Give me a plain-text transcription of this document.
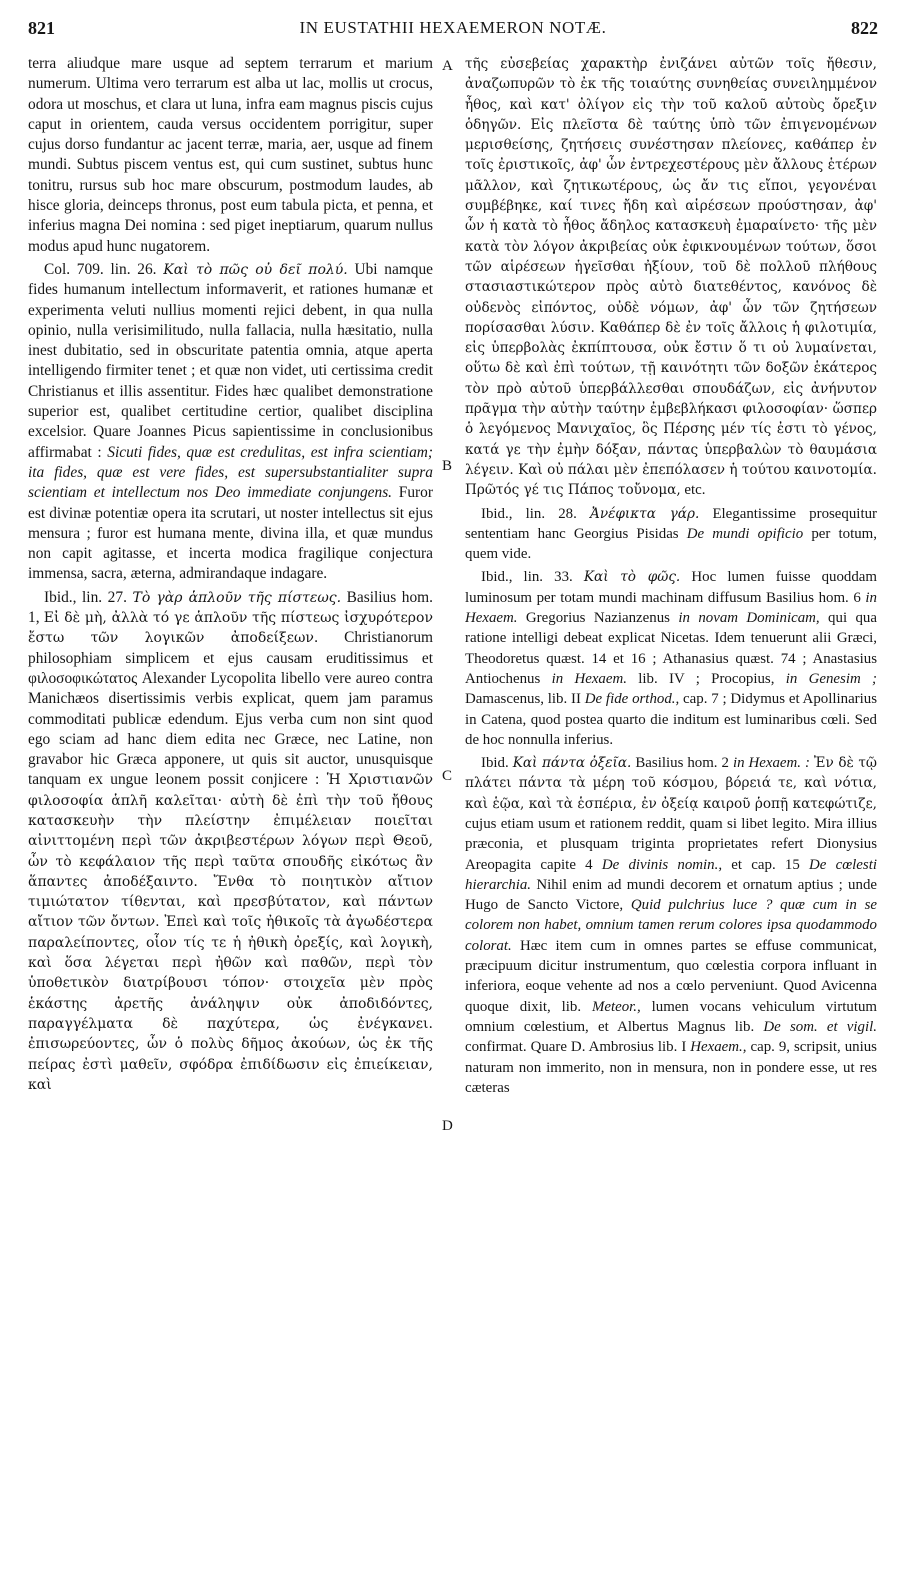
821	IN EUSTATHII HEXAEMERON NOTÆ.	822
A
B
C
D

terra aliudque mare usque ad septem terrarum et marium numerum. Ultima vero terrarum est alba ut lac, mollis ut crocus, odora ut moschus, et clara ut luna, infra eam magnus piscis cujus caput in orientem, cauda versus occidentem porrigitur, super cujus dorso fundantur ac jacent terræ, maria, aer, usque ad finem mundi. Subtus piscem ventus est, qui cum sustinet, subtus hunc tonitru, rursus sub hoc mare obscurum, postmodum laudes, ab hisce gloria, deinceps thronus, post eum tabula picta, et penna, et inferius magna Dei nomina : sed piget ineptiarum, quarum nullus modus apud hunc nugatorem.

Col. 709. lin. 26. Καὶ τὸ πῶς οὐ δεῖ πολύ. Ubi namque fides humanum intellectum informaverit, et rationes humanæ et experimenta veluti nullius momenti rejici debent, in qua nulla opinio, nulla verisimilitudo, nulla fallacia, nulla hæsitatio, nulla inest dubitatio, sed in obscuritate patentia omnia, atque aperta intelligendo firmiter tenet ; et quæ non videt, uti certissima credit Christianus et illis assentitur. Fides hæc qualibet demonstratione superior est, qualibet certitudine certior, qualibet disciplina excelsior. Quare Joannes Picus sapientissime in conclusionibus affirmabat : Sicuti fides, quæ est credulitas, est infra scientiam; ita fides, quæ est vere fides, est supersubstantialiter supra scientiam et intellectum nos Deo immediate conjungens. Furor est divinæ potentiæ opera ita scrutari, ut noster intellectus sit ejus mensura ; furor est humana mente, divina illa, et quæ mundus non capit agitasse, et incerta modica fragilique conjectura immensa, sacra, æterna, admirandaque indagare.

Ibid., lin. 27. Τὸ γὰρ ἁπλοῦν τῆς πίστεως. Basilius hom. 1, Εἰ δὲ μὴ, ἀλλὰ τό γε ἁπλοῦν τῆς πίστεως ἰσχυρότερον ἔστω τῶν λογικῶν ἀποδείξεων. Christianorum philosophiam simplicem et ejus causam eruditissimus et φιλοσοφικώτατος Alexander Lycopolita libello vere aureo contra Manichæos disertissimis verbis explicat, quem jam paramus commoditati publicæ edendum. Ejus verba cum non sint quod ego sciam ad hanc diem edita nec Græce, nec Latine, non gravabor hic Græca apponere, ut quis sit auctor, unusquisque tanquam ex ungue leonem possit conjicere : Ἡ Χριστιανῶν φιλοσοφία ἁπλῆ καλεῖται· αὐτὴ δὲ ἐπὶ τὴν τοῦ ἤθους κατασκευὴν τὴν πλείστην ἐπιμέλειαν ποιεῖται αἰνιττομένη περὶ τῶν ἀκριβεστέρων λόγων περὶ Θεοῦ, ὧν τὸ κεφάλαιον τῆς περὶ ταῦτα σπουδῆς εἰκότως ἂν ἅπαντες ἀποδέξαιντο. Ἔνθα τὸ ποιητικὸν αἴτιον τιμιώτατον τίθενται, καὶ πρεσβύτατον, καὶ πάντων αἴτιον τῶν ὄντων. Ἐπεὶ καὶ τοῖς ἠθικοῖς τὰ ἀγωδέστερα παραλείποντες, οἷον τίς τε ἡ ἠθικὴ ὀρεξίς, καὶ λογικὴ, καὶ ὅσα λέγεται περὶ ἠθῶν καὶ παθῶν, περὶ τὸν ὑποθετικὸν διατρίβουσι τόπον· στοιχεῖα μὲν πρὸς ἑκάστης ἀρετῆς ἀνάληψιν οὐκ ἀποδιδόντες, παραγγέλματα δὲ παχύτερα, ὡς ἐνέγκανει. ἐπισωρεύοντες, ὧν ὁ πολὺς δῆμος ἀκούων, ὡς ἐκ τῆς πείρας ἐστὶ μαθεῖν, σφόδρα ἐπιδίδωσιν εἰς ἐπιείκειαν, καὶ

τῆς εὐσεβείας χαρακτὴρ ἐνιζάνει αὐτῶν τοῖς ἤθεσιν, ἀναζωπυρῶν τὸ ἐκ τῆς τοιαύτης συνηθείας συνειλημμένον ἦθος, καὶ κατ' ὀλίγον εἰς τὴν τοῦ καλοῦ αὐτοὺς ὄρεξιν ὁδηγῶν. Εἰς πλεῖστα δὲ ταύτης ὑπὸ τῶν ἐπιγενομένων μερισθείσης, ζητήσεις συνέστησαν πλείονες, καθάπερ ἐν τοῖς ἐριστικοῖς, ἀφ' ὧν ἐντρεχεστέρους μὲν ἄλλους ἑτέρων μᾶλλον, καὶ ζητικωτέρους, ὡς ἄν τις εἴποι, γεγονέναι συμβέβηκε, καί τινες ἤδη καὶ αἱρέσεων προύστησαν, ἀφ' ὧν ἡ κατὰ τὸ ἦθος ἄδηλος κατασκευὴ ἐμαραίνετο· τῆς μὲν κατὰ τὸν λόγον ἀκριβείας οὐκ ἐφικνουμένων τούτων, ὅσοι τῶν αἱρέσεων ἡγεῖσθαι ἠξίουν, τοῦ δὲ πολλοῦ πλήθους στασιαστικώτερον πρὸς αὐτὸ διατεθέντος, κανόνος δὲ οὐδενὸς εἰπόντος, οὐδὲ νόμων, ἀφ' ὧν τῶν ζητήσεων πορίσασθαι λύσιν. Καθάπερ δὲ ἐν τοῖς ἄλλοις ἡ φιλοτιμία, εἰς ὑπερβολὰς ἐκπίπτουσα, οὐκ ἔστιν ὅ τι οὐ λυμαίνεται, οὕτω δὲ καὶ ἐπὶ τούτων, τῇ καινότητι τῶν δοξῶν ἑκάτερος τὸν πρὸ αὐτοῦ ὑπερβάλλεσθαι σπουδάζων, εἰς ἀνήνυτον πρᾶγμα τὴν αὐτὴν ταύτην ἐμβεβλήκασι φιλοσοφίαν· ὥσπερ ὁ λεγόμενος Μανιχαῖος, ὃς Πέρσης μέν τίς ἐστι τὸ γένος, κατά γε τὴν ἐμὴν δόξαν, πάντας ὑπερβαλὼν τὸ θαυμάσια λέγειν. Καὶ οὐ πάλαι μὲν ἐπεπόλασεν ἡ τούτου καινοτομία. Πρῶτός γέ τις Πάπος τοὔνομα, etc.

Ibid., lin. 28. Ἀνέφικτα γάρ. Elegantissime prosequitur sententiam hanc Georgius Pisidas De mundi opificio per totum, quem vide.

Ibid., lin. 33. Καὶ τὸ φῶς. Hoc lumen fuisse quoddam luminosum per totam mundi machinam diffusum Basilius hom. 6 in Hexaem. Gregorius Nazianzenus in novam Dominicam, qui qua ratione intelligi debeat explicat Nicetas. Idem tenuerunt alii Græci, Theodoretus quæst. 14 et 16 ; Athanasius quæst. 74 ; Anastasius Antiochenus in Hexaem. lib. IV ; Procopius, in Genesim ; Damascenus, lib. II De fide orthod., cap. 7 ; Didymus et Apollinarius in Catena, quod postea quarto die inditum est luminaribus cœli. Sed de hoc nonnulla inferius.

Ibid. Καὶ πάντα ὀξεῖα. Basilius hom. 2 in Hexaem. : Ἐν δὲ τῷ πλάτει πάντα τὰ μέρη τοῦ κόσμου, βόρειά τε, καὶ νότια, καὶ ἑῷα, καὶ τὰ ἑσπέρια, ἐν ὀξείᾳ καιροῦ ῥοπῇ κατεφώτιζε, cujus etiam usum et rationem reddit, quam si libet legito. Mira illius præconia, et plusquam triginta proprietates refert Dionysius Areopagita capite 4 De divinis nomin., et cap. 15 De cœlesti hierarchia. Nihil enim ad mundi decorem et ornatum aptius ; unde Hugo de Sancto Victore, Quid pulchrius luce ? quæ cum in se colorem non habet, omnium tamen rerum colores ipsa quodammodo colorat. Hæc item cum in omnes partes se effuse communicat, præcipuum dicitur instrumentum, quo cœlestia corpora influant in inferiora, eoque vehente ad nos a cœlo perveniunt. Quod Avicenna quoque dixit, lib. Meteor., lumen vocans vehiculum virtutum omnium cœlestium, et Albertus Magnus lib. De som. et vigil. confirmat. Quare D. Ambrosius lib. I Hexaem., cap. 9, scripsit, unius naturam non immerito, non in mensura, non in pondere esse, ut res cæteras
